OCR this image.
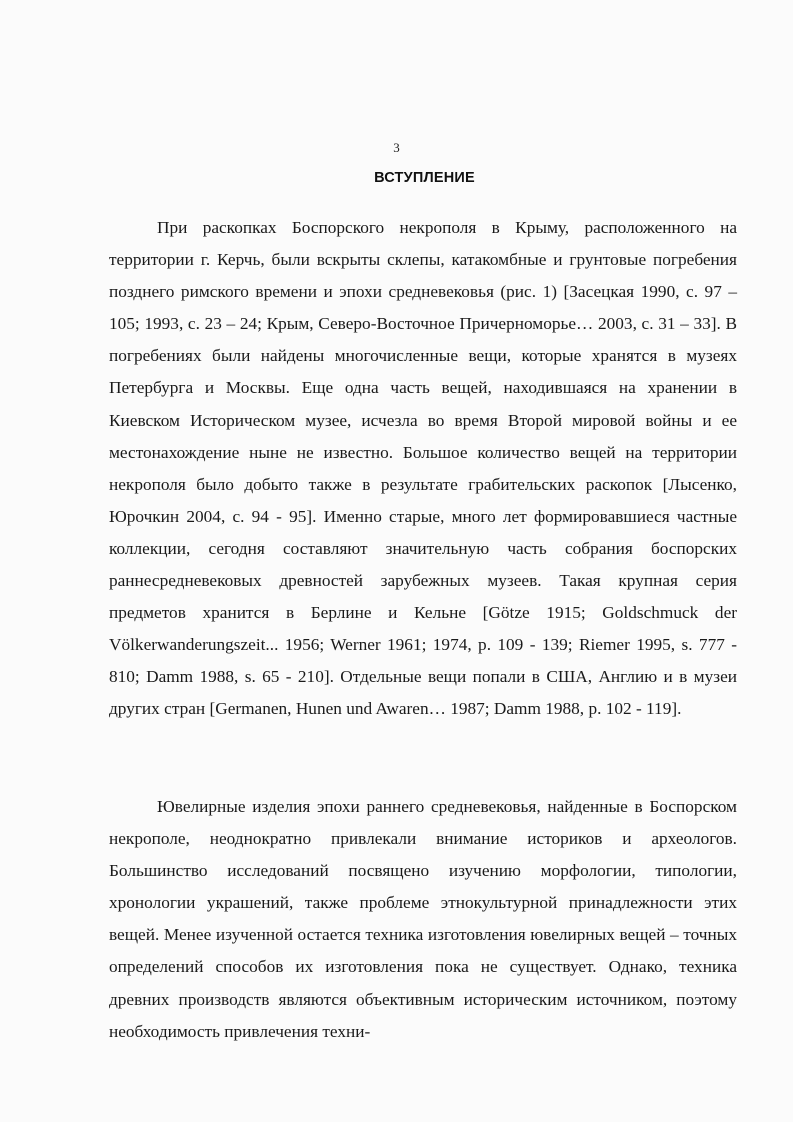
3
ВСТУПЛЕНИЕ

При раскопках Боспорского некрополя в Крыму, расположенного на территории г. Керчь, были вскрыты склепы, катакомбные и грунтовые погребения позднего римского времени и эпохи средневековья (рис. 1) [Засецкая 1990, с. 97 – 105; 1993, с. 23 – 24; Крым, Северо-Восточное Причерноморье… 2003, с. 31 – 33]. В погребениях были найдены многочисленные вещи, которые хранятся в музеях Петербурга и Москвы. Еще одна часть вещей, находившаяся на хранении в Киевском Историческом музее, исчезла во время Второй мировой войны и ее местонахождение ныне не известно. Большое количество вещей на территории некрополя было добыто также в результате грабительских раскопок [Лысенко, Юрочкин 2004, с. 94 - 95]. Именно старые, много лет формировавшиеся частные коллекции, сегодня составляют значительную часть собрания боспорских раннесредневековых древностей зарубежных музеев. Такая крупная серия предметов хранится в Берлине и Кельне [Götze 1915; Goldschmuck der Völkerwanderungszeit... 1956; Werner 1961; 1974, p. 109 - 139; Riemer 1995, s. 777 - 810; Damm 1988, s. 65 - 210]. Отдельные вещи попали в США, Англию и в музеи других стран [Germanen, Hunen und Awaren… 1987; Damm 1988, p. 102 - 119].

Ювелирные изделия эпохи раннего средневековья, найденные в Боспорском некрополе, неоднократно привлекали внимание историков и археологов. Большинство исследований посвящено изучению морфологии, типологии, хронологии украшений, также проблеме этнокультурной принадлежности этих вещей. Менее изученной остается техника изготовления ювелирных вещей – точных определений способов их изготовления пока не существует. Однако, техника древних производств являются объективным историческим источником, поэтому необходимость привлечения техни-
